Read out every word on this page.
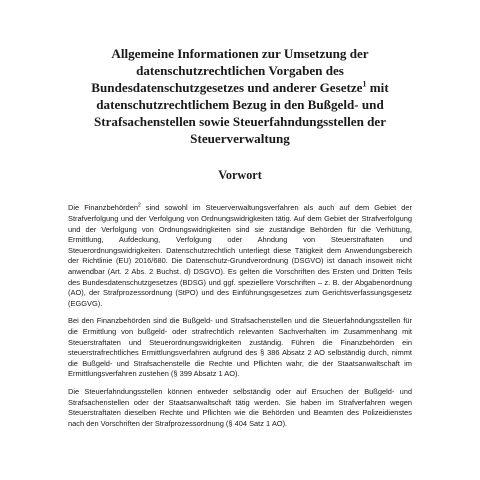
Allgemeine Informationen zur Umsetzung der datenschutzrechtlichen Vorgaben des Bundesdatenschutzgesetzes und anderer Gesetze$^1$ mit datenschutzrechtlichem Bezug in den Bußgeld- und Strafsachenstellen sowie Steuerfahndungsstellen der Steuerverwaltung
Vorwort

Die Finanzbehörden$^2$ sind sowohl im Steuerverwaltungsverfahren als auch auf dem Gebiet der Strafverfolgung und der Verfolgung von Ordnungswidrigkeiten tätig. Auf dem Gebiet der Strafverfolgung und der Verfolgung von Ordnungswidrigkeiten sind sie zuständige Behörden für die Verhütung, Ermittlung, Aufdeckung, Verfolgung oder Ahndung von Steuerstraftaten und Steuerordnungswidrigkeiten. Datenschutzrechtlich unterliegt diese Tätigkeit dem Anwendungsbereich der Richtlinie (EU) 2016/680. Die Datenschutz-Grundverordnung (DSGVO) ist danach insoweit nicht anwendbar (Art. 2 Abs. 2 Buchst. d) DSGVO). Es gelten die Vorschriften des Ersten und Dritten Teils des Bundesdatenschutzgesetzes (BDSG) und ggf. speziellere Vorschriften – z. B. der Abgabenordnung (AO), der Strafprozessordnung (StPO) und des Einführungsgesetzes zum Gerichtsverfassungsgesetz (EGGVG).

Bei den Finanzbehörden sind die Bußgeld- und Strafsachenstellen und die Steuerfahndungsstellen für die Ermittlung von bußgeld- oder strafrechtlich relevanten Sachverhalten im Zusammenhang mit Steuerstraftaten und Steuerordnungswidrigkeiten zuständig. Führen die Finanzbehörden ein steuerstrafrechtliches Ermittlungsverfahren aufgrund des § 386 Absatz 2 AO selbständig durch, nimmt die Bußgeld- und Strafsachenstelle die Rechte und Pflichten wahr, die der Staatsanwaltschaft im Ermittlungsverfahren zustehen (§ 399 Absatz 1 AO).

Die Steuerfahndungsstellen können entweder selbständig oder auf Ersuchen der Bußgeld- und Strafsachenstellen oder der Staatsanwaltschaft tätig werden. Sie haben im Strafverfahren wegen Steuerstraftaten dieselben Rechte und Pflichten wie die Behörden und Beamten des Polizeidienstes nach den Vorschriften der Strafprozessordnung (§ 404 Satz 1 AO).
